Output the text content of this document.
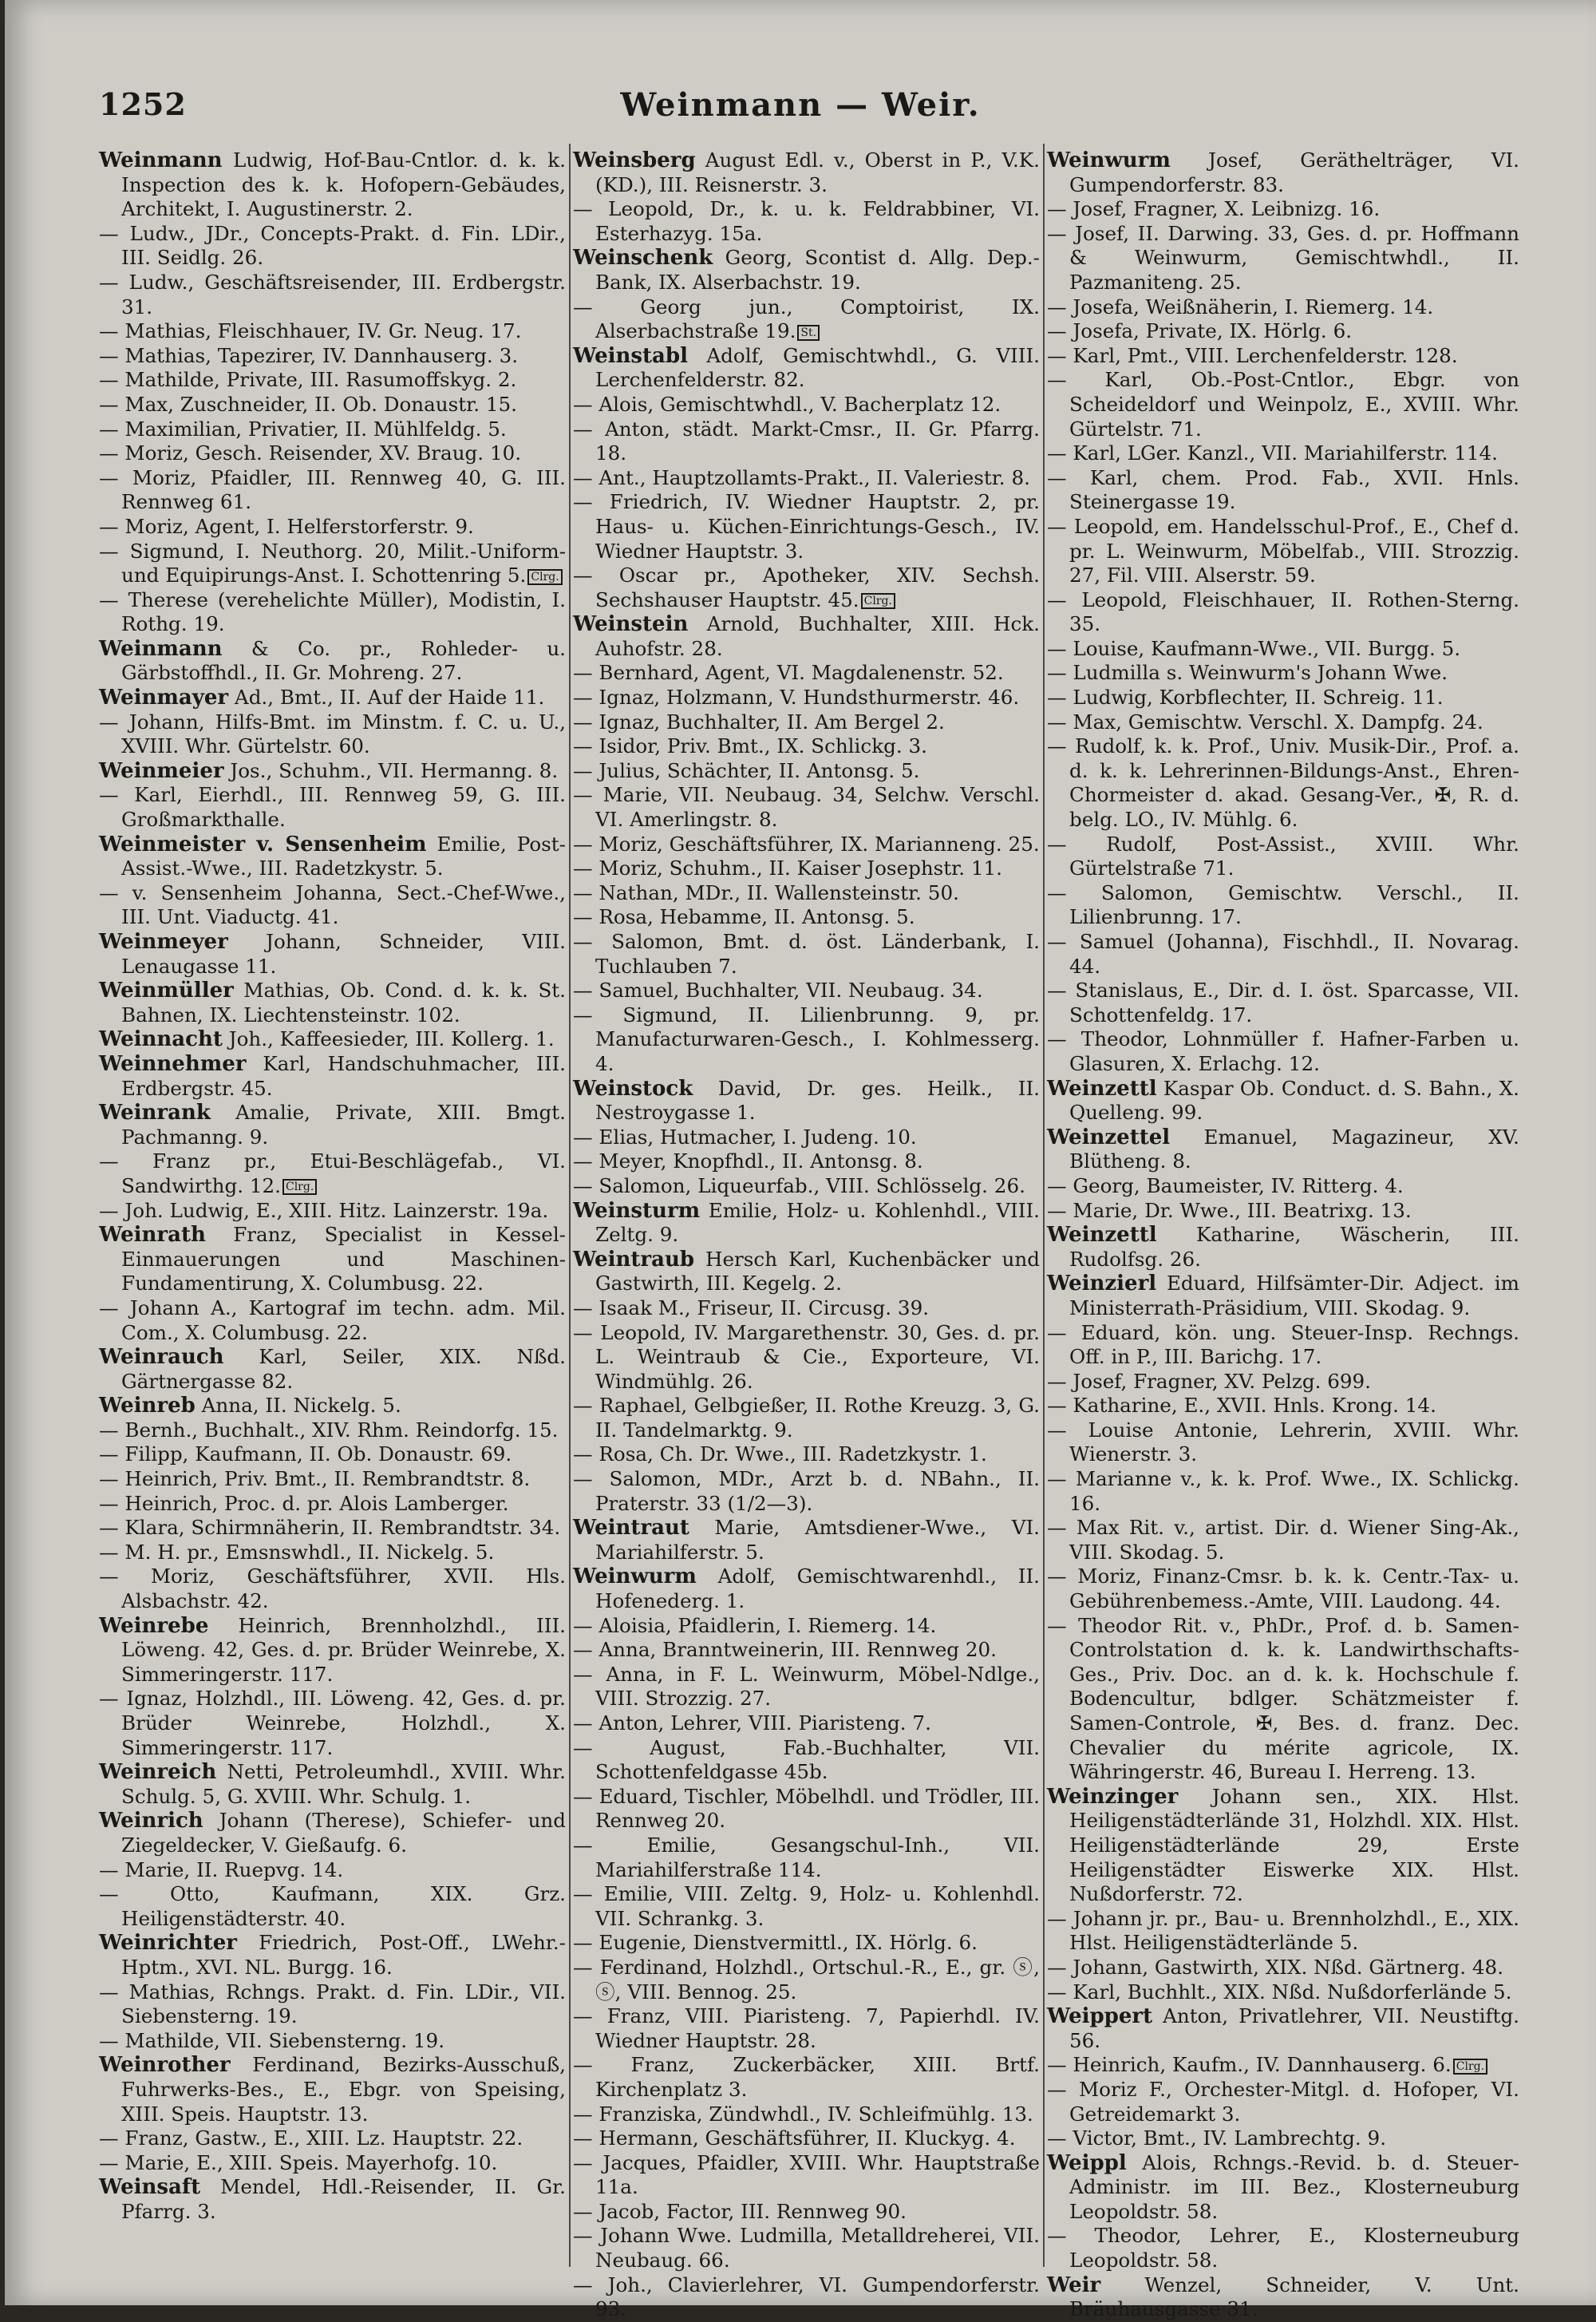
1252	Weinmann — Weir.

Weinmann Ludwig, Hof-Bau-Cntlor. d. k. k. Inspection des k. k. Hofopern-Gebäudes, Architekt, I. Augustinerstr. 2.

— Ludw., JDr., Concepts-Prakt. d. Fin. LDir., III. Seidlg. 26.

— Ludw., Geschäftsreisender, III. Erdbergstr. 31.

— Mathias, Fleischhauer, IV. Gr. Neug. 17.

— Mathias, Tapezirer, IV. Dannhauserg. 3.

— Mathilde, Private, III. Rasumoffskyg. 2.

— Max, Zuschneider, II. Ob. Donaustr. 15.

— Maximilian, Privatier, II. Mühlfeldg. 5.

— Moriz, Gesch. Reisender, XV. Braug. 10.

— Moriz, Pfaidler, III. Rennweg 40, G. III. Rennweg 61.

— Moriz, Agent, I. Helferstorferstr. 9.

— Sigmund, I. Neuthorg. 20, Milit.-Uniform- und Equipirungs-Anst. I. Schottenring 5. Clrg.

— Therese (verehelichte Müller), Modistin, I. Rothg. 19.

Weinmann & Co. pr., Rohleder- u. Gärbstoffhdl., II. Gr. Mohreng. 27.

Weinmayer Ad., Bmt., II. Auf der Haide 11.

— Johann, Hilfs-Bmt. im Minstm. f. C. u. U., XVIII. Whr. Gürtelstr. 60.

Weinmeier Jos., Schuhm., VII. Hermanng. 8.

— Karl, Eierhdl., III. Rennweg 59, G. III. Großmarkthalle.

Weinmeister v. Sensenheim Emilie, Post-Assist.-Wwe., III. Radetzkystr. 5.

— v. Sensenheim Johanna, Sect.-Chef-Wwe., III. Unt. Viaductg. 41.

Weinmeyer Johann, Schneider, VIII. Lenaugasse 11.

Weinmüller Mathias, Ob. Cond. d. k. k. St. Bahnen, IX. Liechtensteinstr. 102.

Weinnacht Joh., Kaffeesieder, III. Kollerg. 1.

Weinnehmer Karl, Handschuhmacher, III. Erdbergstr. 45.

Weinrank Amalie, Private, XIII. Bmgt. Pachmanng. 9.

— Franz pr., Etui-Beschlägefab., VI. Sandwirthg. 12. Clrg.

— Joh. Ludwig, E., XIII. Hitz. Lainzerstr. 19a.

Weinrath Franz, Specialist in Kessel-Einmauerungen und Maschinen-Fundamentirung, X. Columbusg. 22.

— Johann A., Kartograf im techn. adm. Mil. Com., X. Columbusg. 22.

Weinrauch Karl, Seiler, XIX. Nßd. Gärtnergasse 82.

Weinreb Anna, II. Nickelg. 5.

— Bernh., Buchhalt., XIV. Rhm. Reindorfg. 15.

— Filipp, Kaufmann, II. Ob. Donaustr. 69.

— Heinrich, Priv. Bmt., II. Rembrandtstr. 8.

— Heinrich, Proc. d. pr. Alois Lamberger.

— Klara, Schirmnäherin, II. Rembrandtstr. 34.

— M. H. pr., Emsnswhdl., II. Nickelg. 5.

— Moriz, Geschäftsführer, XVII. Hls. Alsbachstr. 42.

Weinrebe Heinrich, Brennholzhdl., III. Löweng. 42, Ges. d. pr. Brüder Weinrebe, X. Simmeringerstr. 117.

— Ignaz, Holzhdl., III. Löweng. 42, Ges. d. pr. Brüder Weinrebe, Holzhdl., X. Simmeringerstr. 117.

Weinreich Netti, Petroleumhdl., XVIII. Whr. Schulg. 5, G. XVIII. Whr. Schulg. 1.

Weinrich Johann (Therese), Schiefer- und Ziegeldecker, V. Gießaufg. 6.

— Marie, II. Ruepvg. 14.

— Otto, Kaufmann, XIX. Grz. Heiligenstädterstr. 40.

Weinrichter Friedrich, Post-Off., LWehr.-Hptm., XVI. NL. Burgg. 16.

— Mathias, Rchngs. Prakt. d. Fin. LDir., VII. Siebensterng. 19.

— Mathilde, VII. Siebensterng. 19.

Weinrother Ferdinand, Bezirks-Ausschuß, Fuhrwerks-Bes., E., Ebgr. von Speising, XIII. Speis. Hauptstr. 13.

— Franz, Gastw., E., XIII. Lz. Hauptstr. 22.

— Marie, E., XIII. Speis. Mayerhofg. 10.

Weinsaft Mendel, Hdl.-Reisender, II. Gr. Pfarrg. 3.

Weinsberg August Edl. v., Oberst in P., V.K. (KD.), III. Reisnerstr. 3.

— Leopold, Dr., k. u. k. Feldrabbiner, VI. Esterhazyg. 15a.

Weinschenk Georg, Scontist d. Allg. Dep.-Bank, IX. Alserbachstr. 19.

— Georg jun., Comptoirist, IX. Alserbachstraße 19. St.

Weinstabl Adolf, Gemischtwhdl., G. VIII. Lerchenfelderstr. 82.

— Alois, Gemischtwhdl., V. Bacherplatz 12.

— Anton, städt. Markt-Cmsr., II. Gr. Pfarrg. 18.

— Ant., Hauptzollamts-Prakt., II. Valeriestr. 8.

— Friedrich, IV. Wiedner Hauptstr. 2, pr. Haus- u. Küchen-Einrichtungs-Gesch., IV. Wiedner Hauptstr. 3.

— Oscar pr., Apotheker, XIV. Sechsh. Sechshauser Hauptstr. 45. Clrg.

Weinstein Arnold, Buchhalter, XIII. Hck. Auhofstr. 28.

— Bernhard, Agent, VI. Magdalenenstr. 52.

— Ignaz, Holzmann, V. Hundsthurmerstr. 46.

— Ignaz, Buchhalter, II. Am Bergel 2.

— Isidor, Priv. Bmt., IX. Schlickg. 3.

— Julius, Schächter, II. Antonsg. 5.

— Marie, VII. Neubaug. 34, Selchw. Verschl. VI. Amerlingstr. 8.

— Moriz, Geschäftsführer, IX. Marianneng. 25.

— Moriz, Schuhm., II. Kaiser Josephstr. 11.

— Nathan, MDr., II. Wallensteinstr. 50.

— Rosa, Hebamme, II. Antonsg. 5.

— Salomon, Bmt. d. öst. Länderbank, I. Tuchlauben 7.

— Samuel, Buchhalter, VII. Neubaug. 34.

— Sigmund, II. Lilienbrunng. 9, pr. Manufacturwaren-Gesch., I. Kohlmesserg. 4.

Weinstock David, Dr. ges. Heilk., II. Nestroygasse 1.

— Elias, Hutmacher, I. Judeng. 10.

— Meyer, Knopfhdl., II. Antonsg. 8.

— Salomon, Liqueurfab., VIII. Schlösselg. 26.

Weinsturm Emilie, Holz- u. Kohlenhdl., VIII. Zeltg. 9.

Weintraub Hersch Karl, Kuchenbäcker und Gastwirth, III. Kegelg. 2.

— Isaak M., Friseur, II. Circusg. 39.

— Leopold, IV. Margarethenstr. 30, Ges. d. pr. L. Weintraub & Cie., Exporteure, VI. Windmühlg. 26.

— Raphael, Gelbgießer, II. Rothe Kreuzg. 3, G. II. Tandelmarktg. 9.

— Rosa, Ch. Dr. Wwe., III. Radetzkystr. 1.

— Salomon, MDr., Arzt b. d. NBahn., II. Praterstr. 33 (1/2—3).

Weintraut Marie, Amtsdiener-Wwe., VI. Mariahilferstr. 5.

Weinwurm Adolf, Gemischtwarenhdl., II. Hofenederg. 1.

— Aloisia, Pfaidlerin, I. Riemerg. 14.

— Anna, Branntweinerin, III. Rennweg 20.

— Anna, in F. L. Weinwurm, Möbel-Ndlge., VIII. Strozzig. 27.

— Anton, Lehrer, VIII. Piaristeng. 7.

— August, Fab.-Buchhalter, VII. Schottenfeldgasse 45b.

— Eduard, Tischler, Möbelhdl. und Trödler, III. Rennweg 20.

— Emilie, Gesangschul-Inh., VII. Mariahilferstraße 114.

— Emilie, VIII. Zeltg. 9, Holz- u. Kohlenhdl. VII. Schrankg. 3.

— Eugenie, Dienstvermittl., IX. Hörlg. 6.

— Ferdinand, Holzhdl., Ortschul.-R., E., gr. ⓢ, ⓢ, VIII. Bennog. 25.

— Franz, VIII. Piaristeng. 7, Papierhdl. IV. Wiedner Hauptstr. 28.

— Franz, Zuckerbäcker, XIII. Brtf. Kirchenplatz 3.

— Franziska, Zündwhdl., IV. Schleifmühlg. 13.

— Hermann, Geschäftsführer, II. Kluckyg. 4.

— Jacques, Pfaidler, XVIII. Whr. Hauptstraße 11a.

— Jacob, Factor, III. Rennweg 90.

— Johann Wwe. Ludmilla, Metalldreherei, VII. Neubaug. 66.

— Joh., Clavierlehrer, VI. Gumpendorferstr. 93.

Weinwurm Josef, Geräthelträger, VI. Gumpendorferstr. 83.

— Josef, Fragner, X. Leibnizg. 16.

— Josef, II. Darwing. 33, Ges. d. pr. Hoffmann & Weinwurm, Gemischtwhdl., II. Pazmaniteng. 25.

— Josefa, Weißnäherin, I. Riemerg. 14.

— Josefa, Private, IX. Hörlg. 6.

— Karl, Pmt., VIII. Lerchenfelderstr. 128.

— Karl, Ob.-Post-Cntlor., Ebgr. von Scheideldorf und Weinpolz, E., XVIII. Whr. Gürtelstr. 71.

— Karl, LGer. Kanzl., VII. Mariahilferstr. 114.

— Karl, chem. Prod. Fab., XVII. Hnls. Steinergasse 19.

— Leopold, em. Handelsschul-Prof., E., Chef d. pr. L. Weinwurm, Möbelfab., VIII. Strozzig. 27, Fil. VIII. Alserstr. 59.

— Leopold, Fleischhauer, II. Rothen-Sterng. 35.

— Louise, Kaufmann-Wwe., VII. Burgg. 5.

— Ludmilla s. Weinwurm's Johann Wwe.

— Ludwig, Korbflechter, II. Schreig. 11.

— Max, Gemischtw. Verschl. X. Dampfg. 24.

— Rudolf, k. k. Prof., Univ. Musik-Dir., Prof. a. d. k. k. Lehrerinnen-Bildungs-Anst., Ehren-Chormeister d. akad. Gesang-Ver., ✠, R. d. belg. LO., IV. Mühlg. 6.

— Rudolf, Post-Assist., XVIII. Whr. Gürtelstraße 71.

— Salomon, Gemischtw. Verschl., II. Lilienbrunng. 17.

— Samuel (Johanna), Fischhdl., II. Novarag. 44.

— Stanislaus, E., Dir. d. I. öst. Sparcasse, VII. Schottenfeldg. 17.

— Theodor, Lohnmüller f. Hafner-Farben u. Glasuren, X. Erlachg. 12.

Weinzettl Kaspar Ob. Conduct. d. S. Bahn., X. Quelleng. 99.

Weinzettel Emanuel, Magazineur, XV. Blütheng. 8.

— Georg, Baumeister, IV. Ritterg. 4.

— Marie, Dr. Wwe., III. Beatrixg. 13.

Weinzettl Katharine, Wäscherin, III. Rudolfsg. 26.

Weinzierl Eduard, Hilfsämter-Dir. Adject. im Ministerrath-Präsidium, VIII. Skodag. 9.

— Eduard, kön. ung. Steuer-Insp. Rechngs. Off. in P., III. Barichg. 17.

— Josef, Fragner, XV. Pelzg. 699.

— Katharine, E., XVII. Hnls. Krong. 14.

— Louise Antonie, Lehrerin, XVIII. Whr. Wienerstr. 3.

— Marianne v., k. k. Prof. Wwe., IX. Schlickg. 16.

— Max Rit. v., artist. Dir. d. Wiener Sing-Ak., VIII. Skodag. 5.

— Moriz, Finanz-Cmsr. b. k. k. Centr.-Tax- u. Gebührenbemess.-Amte, VIII. Laudong. 44.

— Theodor Rit. v., PhDr., Prof. d. b. Samen-Controlstation d. k. k. Landwirthschafts-Ges., Priv. Doc. an d. k. k. Hochschule f. Bodencultur, bdlger. Schätzmeister f. Samen-Controle, ✠, Bes. d. franz. Dec. Chevalier du mérite agricole, IX. Währingerstr. 46, Bureau I. Herreng. 13.

Weinzinger Johann sen., XIX. Hlst. Heiligenstädterlände 31, Holzhdl. XIX. Hlst. Heiligenstädterlände 29, Erste Heiligenstädter Eiswerke XIX. Hlst. Nußdorferstr. 72.

— Johann jr. pr., Bau- u. Brennholzhdl., E., XIX. Hlst. Heiligenstädterlände 5.

— Johann, Gastwirth, XIX. Nßd. Gärtnerg. 48.

— Karl, Buchhlt., XIX. Nßd. Nußdorferlände 5.

Weippert Anton, Privatlehrer, VII. Neustiftg. 56.

— Heinrich, Kaufm., IV. Dannhauserg. 6. Clrg.

— Moriz F., Orchester-Mitgl. d. Hofoper, VI. Getreidemarkt 3.

— Victor, Bmt., IV. Lambrechtg. 9.

Weippl Alois, Rchngs.-Revid. b. d. Steuer-Administr. im III. Bez., Klosterneuburg Leopoldstr. 58.

— Theodor, Lehrer, E., Klosterneuburg Leopoldstr. 58.

Weir Wenzel, Schneider, V. Unt. Bräuhausgasse 31.
